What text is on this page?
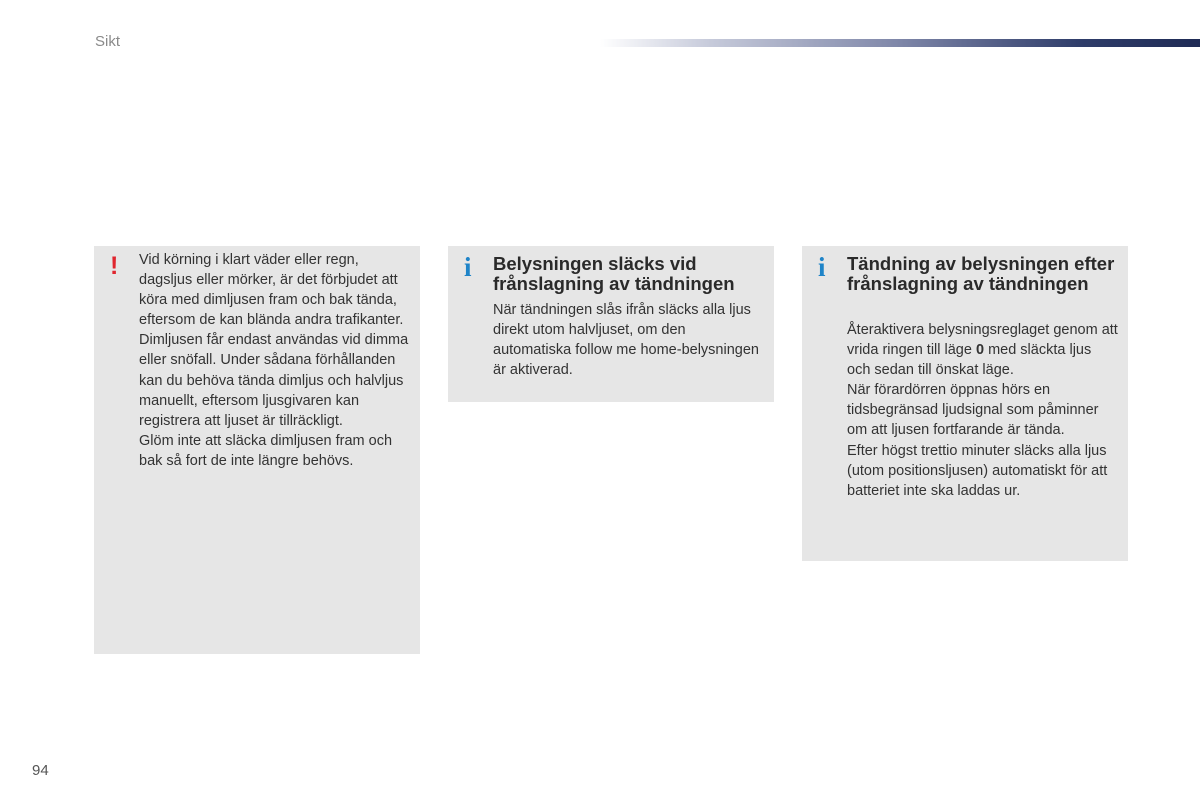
Sikt
! Vid körning i klart väder eller regn, dagsljus eller mörker, är det förbjudet att köra med dimljusen fram och bak tända, eftersom de kan blända andra trafikanter. Dimljusen får endast användas vid dimma eller snöfall. Under sådana förhållanden kan du behöva tända dimljus och halvljus manuellt, eftersom ljusgivaren kan registrera att ljuset är tillräckligt.

Glöm inte att släcka dimljusen fram och bak så fort de inte längre behövs.

i Belysningen släcks vid frånslagning av tändningen

När tändningen slås ifrån släcks alla ljus direkt utom halvljuset, om den automatiska follow me home-belysningen är aktiverad.

i Tändning av belysningen efter frånslagning av tändningen

Återaktivera belysningsreglaget genom att vrida ringen till läge 0 med släckta ljus och sedan till önskat läge.

När förardörren öppnas hörs en tidsbegränsad ljudsignal som påminner om att ljusen fortfarande är tända.

Efter högst trettio minuter släcks alla ljus (utom positionsljusen) automatiskt för att batteriet inte ska laddas ur.

94
